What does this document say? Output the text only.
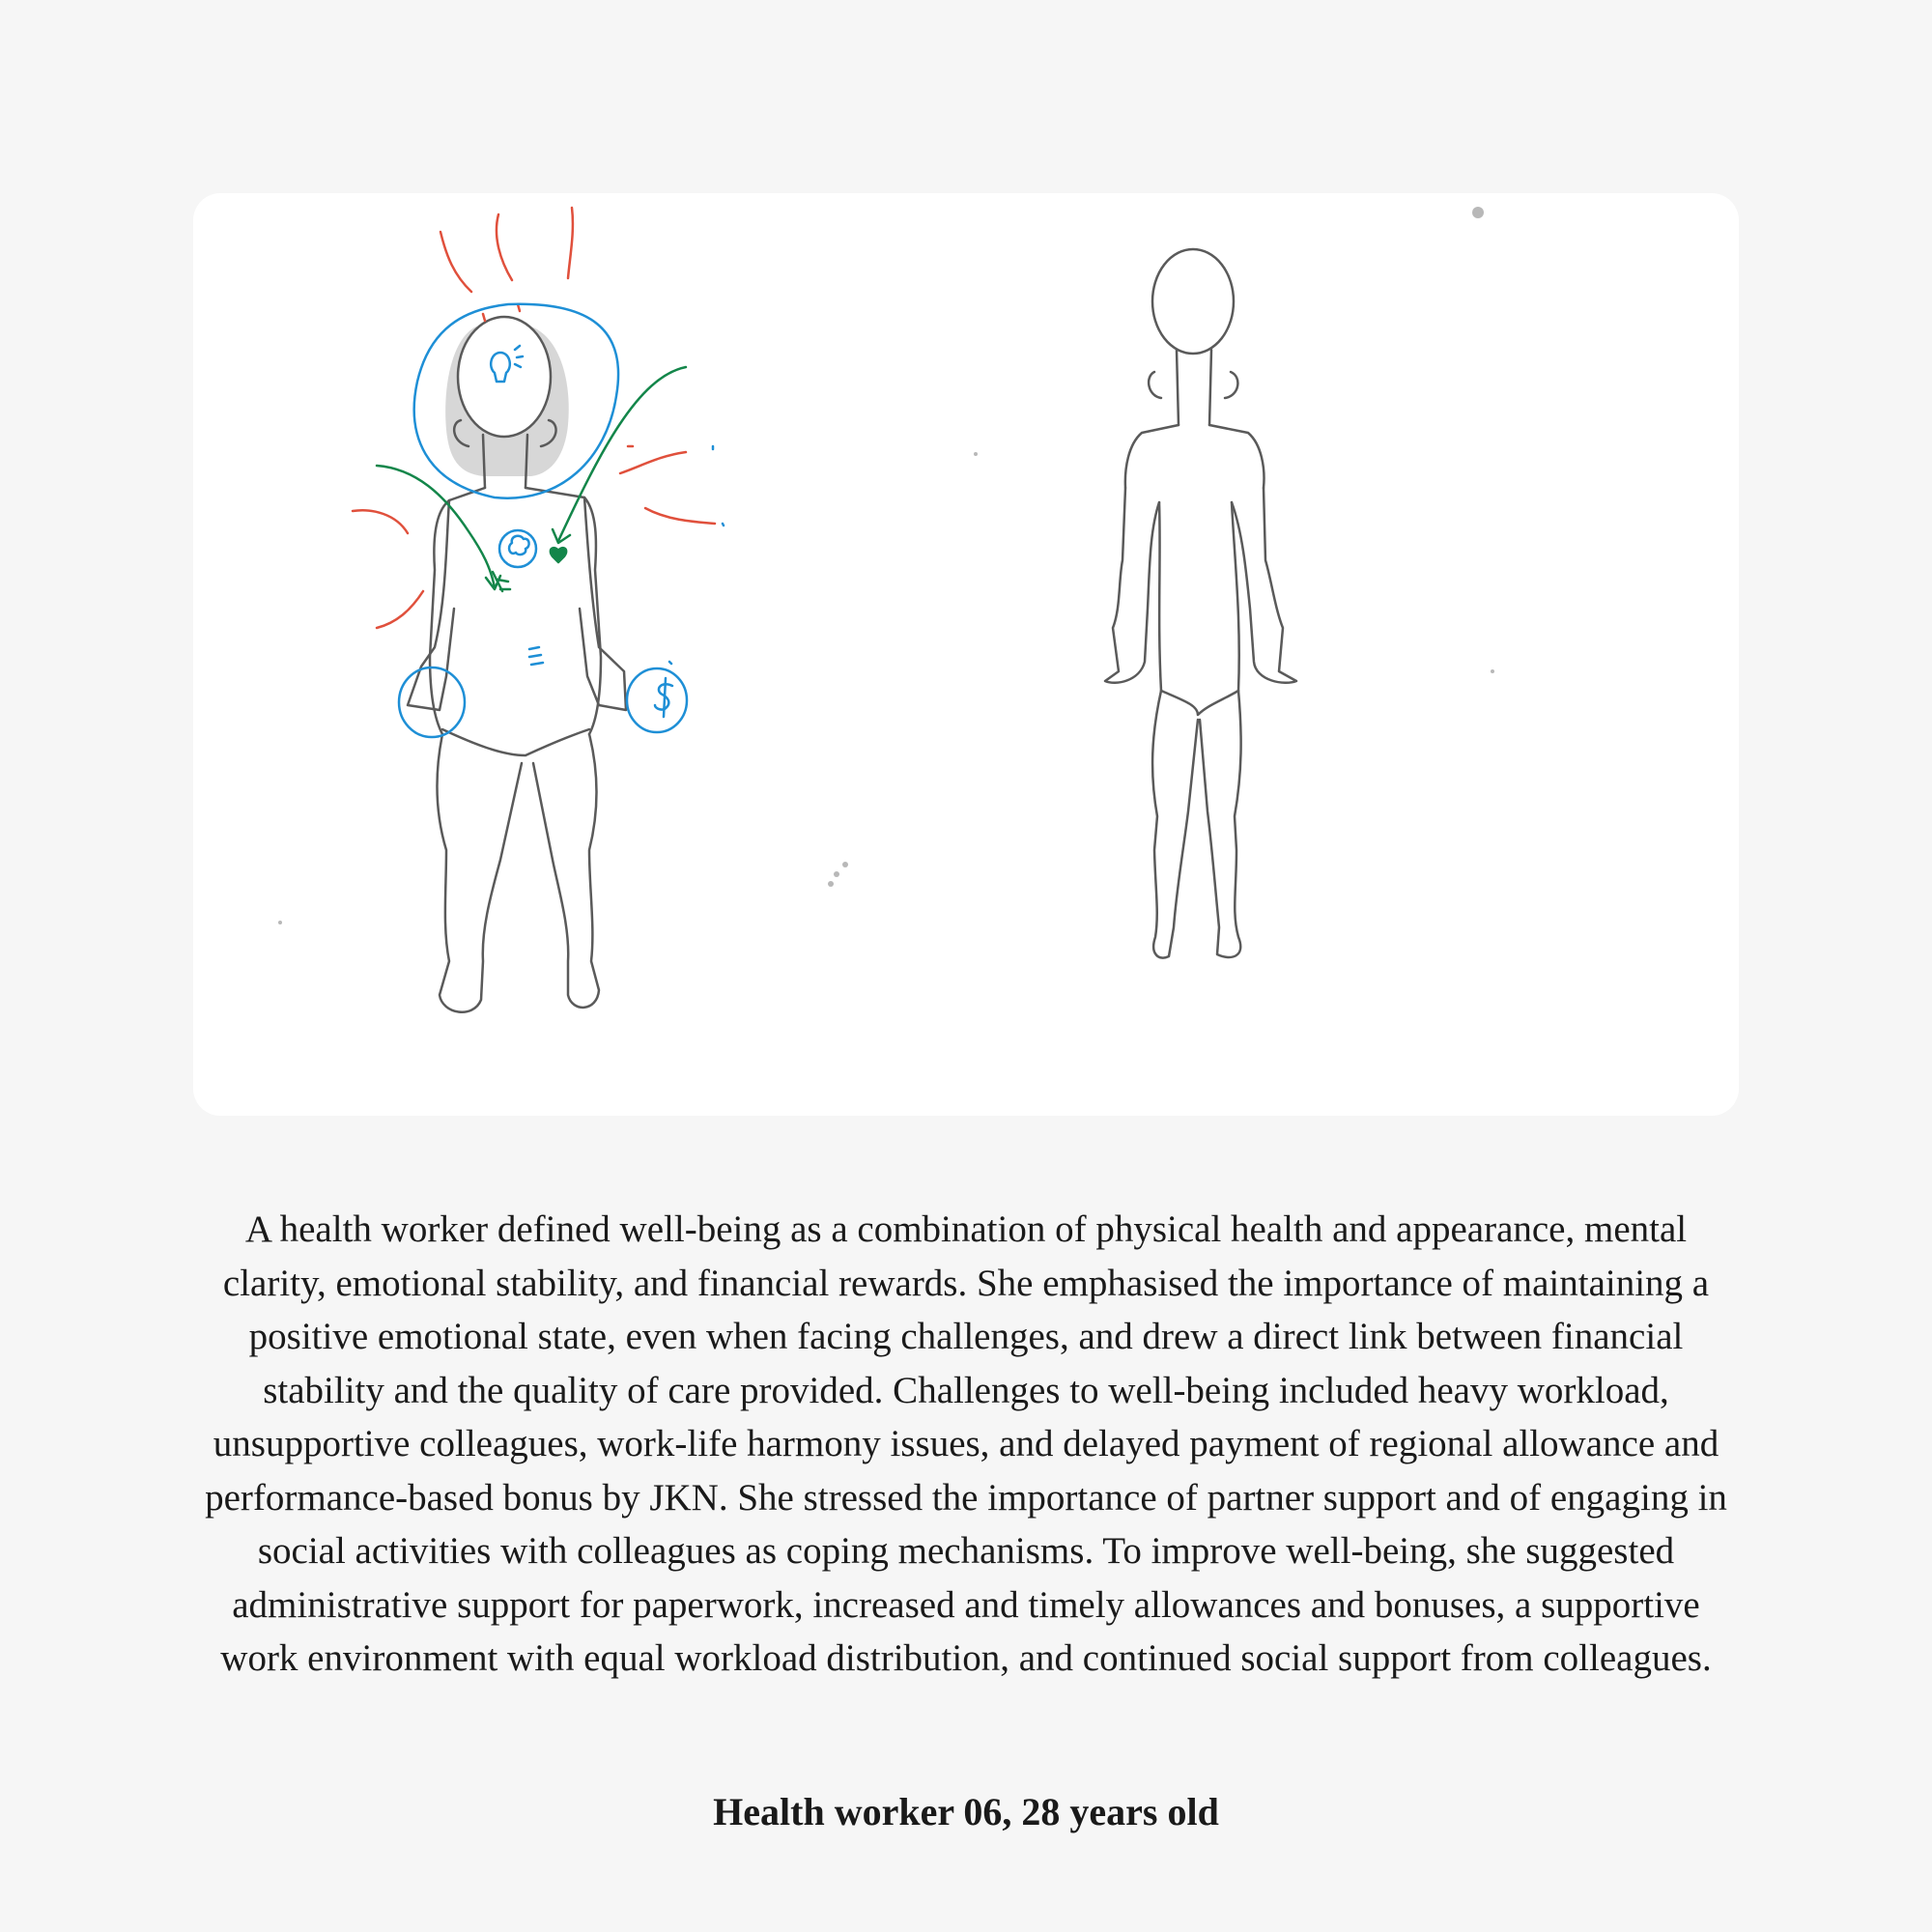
A health worker defined well-being as a combination of physical health and appearance, mental clarity, emotional stability, and financial rewards. She emphasised the importance of maintaining a positive emotional state, even when facing challenges, and drew a direct link between financial stability and the quality of care provided. Challenges to well-being included heavy workload, unsupportive colleagues, work-life harmony issues, and delayed payment of regional allowance and performance-based bonus by JKN. She stressed the importance of partner support and of engaging in social activities with colleagues as coping mechanisms. To improve well-being, she suggested administrative support for paperwork, increased and timely allowances and bonuses, a supportive work environment with equal workload distribution, and continued social support from colleagues.

Health worker 06, 28 years old
